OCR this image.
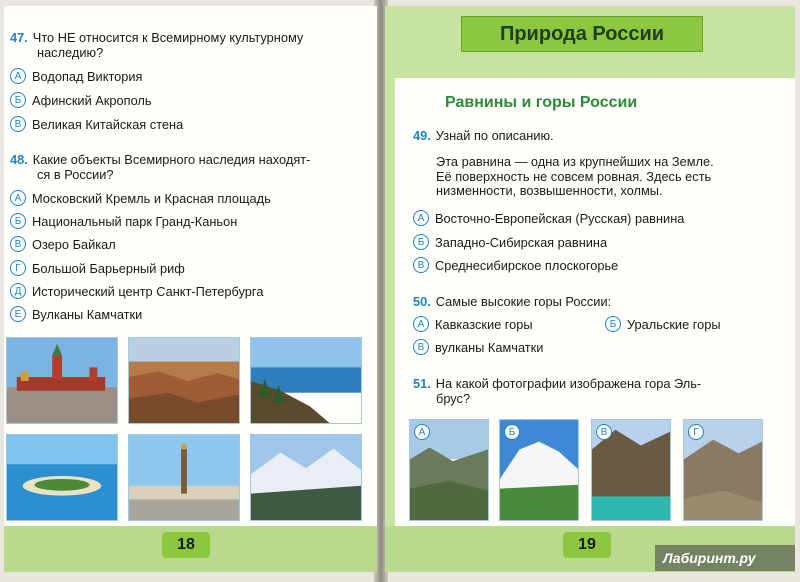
47. Что НЕ относится к Всемирному культурному
наследию?
А Водопад Виктория
Б Афинский Акрополь
В Великая Китайская стена
48. Какие объекты Всемирного наследия находят-
ся в России?
А Московский Кремль и Красная площадь
Б Национальный парк Гранд-Каньон
В Озеро Байкал
Г Большой Барьерный риф
Д Исторический центр Санкт-Петербурга
Е Вулканы Камчатки
18
Природа России
Равнины и горы России
49. Узнай по описанию.
Эта равнина — одна из крупнейших на Земле.
Её поверхность не совсем ровная. Здесь есть
низменности, возвышенности, холмы.
А Восточно-Европейская (Русская) равнина
Б Западно-Сибирская равнина
В Среднесибирское плоскогорье
50. Самые высокие горы России:
А Кавказские горы	Б Уральские горы
В вулканы Камчатки
51. На какой фотографии изображена гора Эль-
брус?
А	Б	В	Г
19
Лабиринт.ру
